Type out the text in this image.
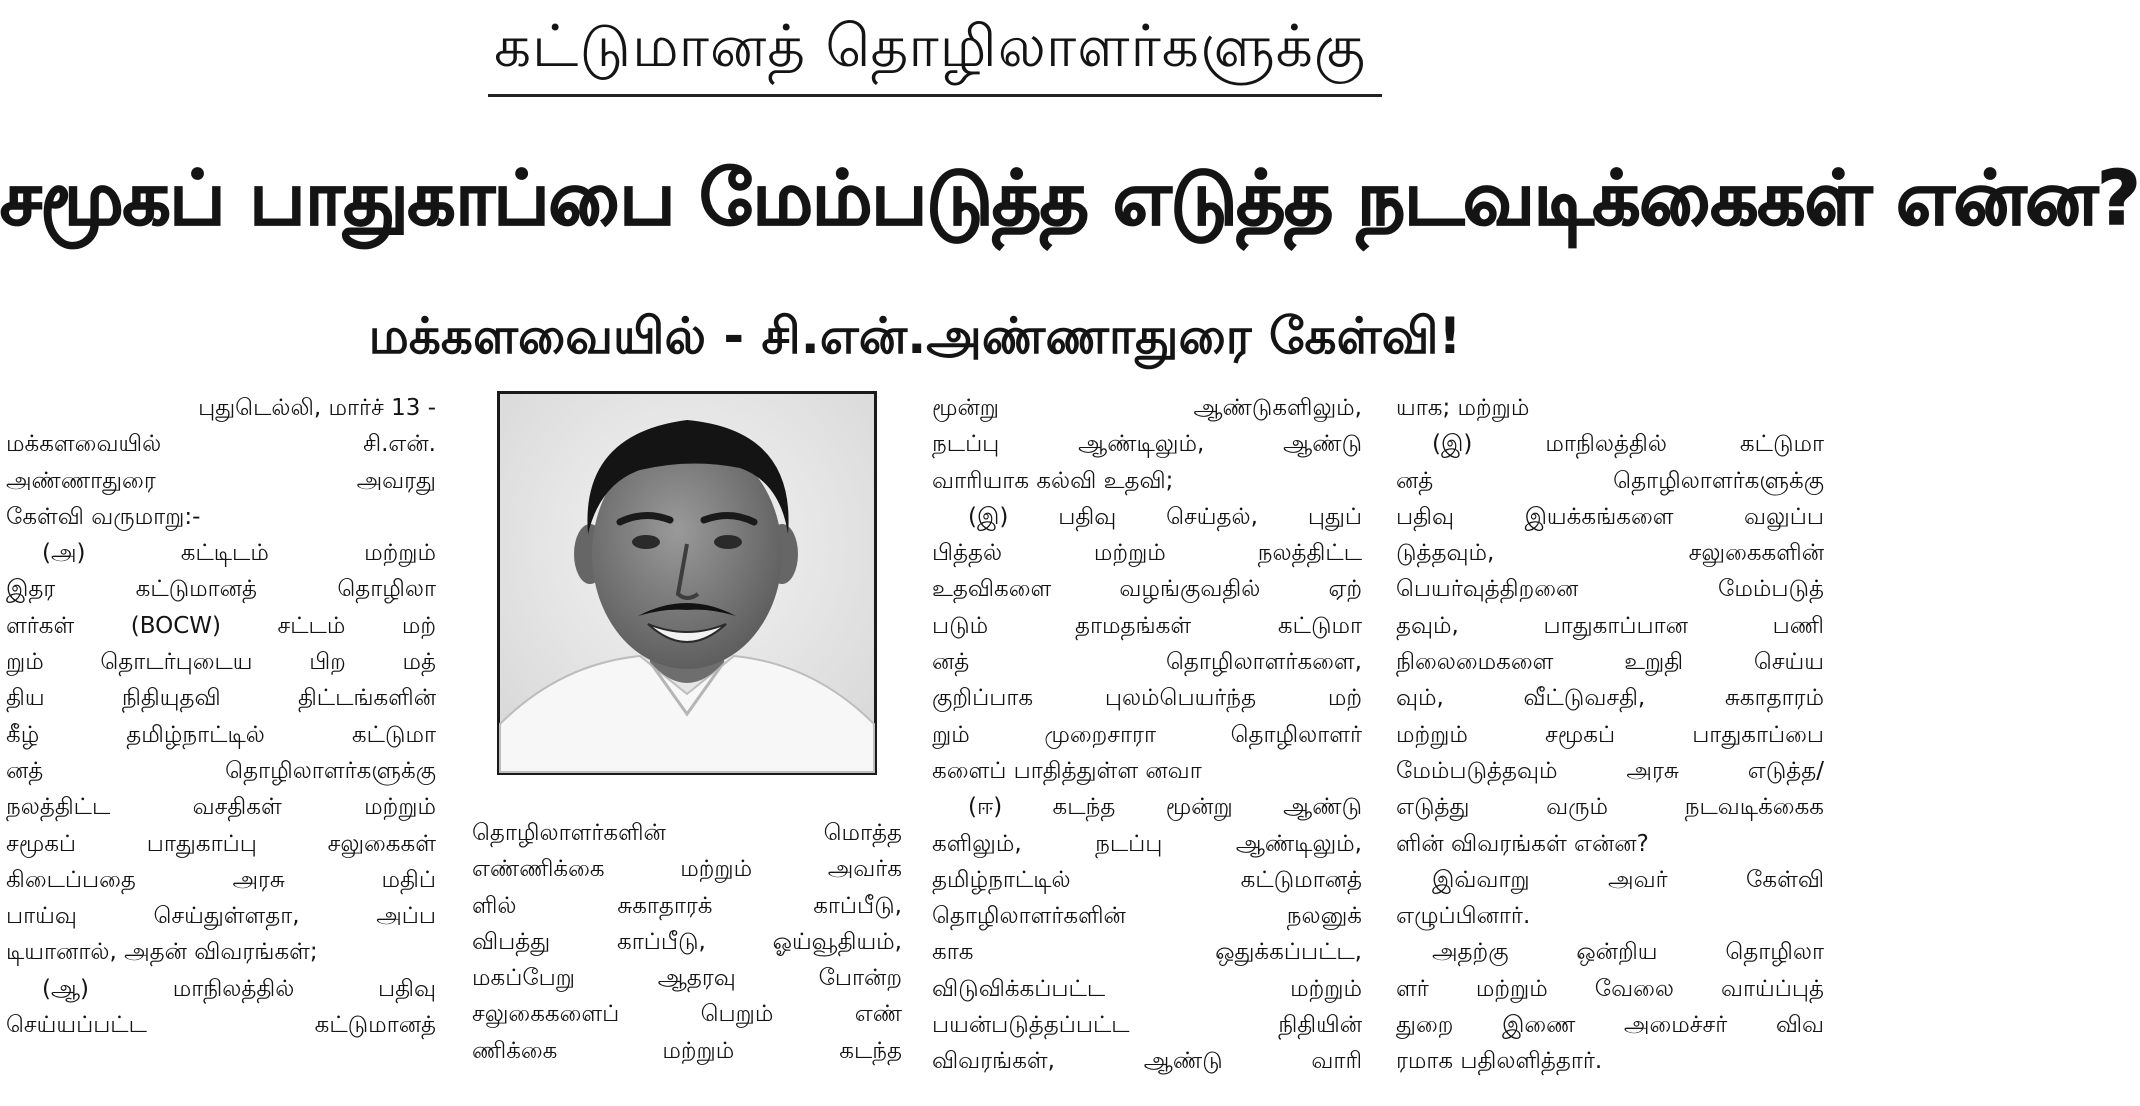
கட்டுமானத் தொழிலாளர்களுக்கு
சமூகப் பாதுகாப்பை மேம்படுத்த எடுத்த நடவடிக்கைகள் என்ன?
மக்களவையில் - சி.என்.அண்ணாதுரை கேள்வி!
புதுடெல்லி, மார்ச் 13 -
மக்களவையில் சி.என்.
அண்ணாதுரை அவரது
கேள்வி வருமாறு:-
(அ) கட்டிடம் மற்றும்
இதர கட்டுமானத் தொழிலா
ளர்கள் (BOCW) சட்டம் மற்
றும் தொடர்புடைய பிற மத்
திய நிதியுதவி திட்டங்களின்
கீழ் தமிழ்நாட்டில் கட்டுமா
னத் தொழிலாளர்களுக்கு
நலத்திட்ட வசதிகள் மற்றும்
சமூகப் பாதுகாப்பு சலுகைகள்
கிடைப்பதை அரசு மதிப்
பாய்வு செய்துள்ளதா, அப்ப
டியானால், அதன் விவரங்கள்;
(ஆ) மாநிலத்தில் பதிவு
செய்யப்பட்ட கட்டுமானத்
தொழிலாளர்களின் மொத்த
எண்ணிக்கை மற்றும் அவர்க
ளில் சுகாதாரக் காப்பீடு,
விபத்து காப்பீடு, ஓய்வூதியம்,
மகப்பேறு ஆதரவு போன்ற
சலுகைகளைப் பெறும் எண்
ணிக்கை மற்றும் கடந்த
மூன்று ஆண்டுகளிலும்,
நடப்பு ஆண்டிலும், ஆண்டு
வாரியாக கல்வி உதவி;
(இ) பதிவு செய்தல், புதுப்
பித்தல் மற்றும் நலத்திட்ட
உதவிகளை வழங்குவதில் ஏற்
படும் தாமதங்கள் கட்டுமா
னத் தொழிலாளர்களை,
குறிப்பாக புலம்பெயர்ந்த மற்
றும் முறைசாரா தொழிலாளர்
களைப் பாதித்துள்ள னவா
(ஈ) கடந்த மூன்று ஆண்டு
களிலும், நடப்பு ஆண்டிலும்,
தமிழ்நாட்டில் கட்டுமானத்
தொழிலாளர்களின் நலனுக்
காக ஒதுக்கப்பட்ட,
விடுவிக்கப்பட்ட மற்றும்
பயன்படுத்தப்பட்ட நிதியின்
விவரங்கள், ஆண்டு வாரி
யாக; மற்றும்
(இ) மாநிலத்தில் கட்டுமா
னத் தொழிலாளர்களுக்கு
பதிவு இயக்கங்களை வலுப்ப
டுத்தவும், சலுகைகளின்
பெயர்வுத்திறனை மேம்படுத்
தவும், பாதுகாப்பான பணி
நிலைமைகளை உறுதி செய்ய
வும், வீட்டுவசதி, சுகாதாரம்
மற்றும் சமூகப் பாதுகாப்பை
மேம்படுத்தவும் அரசு எடுத்த/
எடுத்து வரும் நடவடிக்கைக
ளின் விவரங்கள் என்ன?
இவ்வாறு அவர் கேள்வி
எழுப்பினார்.
அதற்கு ஒன்றிய தொழிலா
ளர் மற்றும் வேலை வாய்ப்புத்
துறை இணை அமைச்சர் விவ
ரமாக பதிலளித்தார்.
